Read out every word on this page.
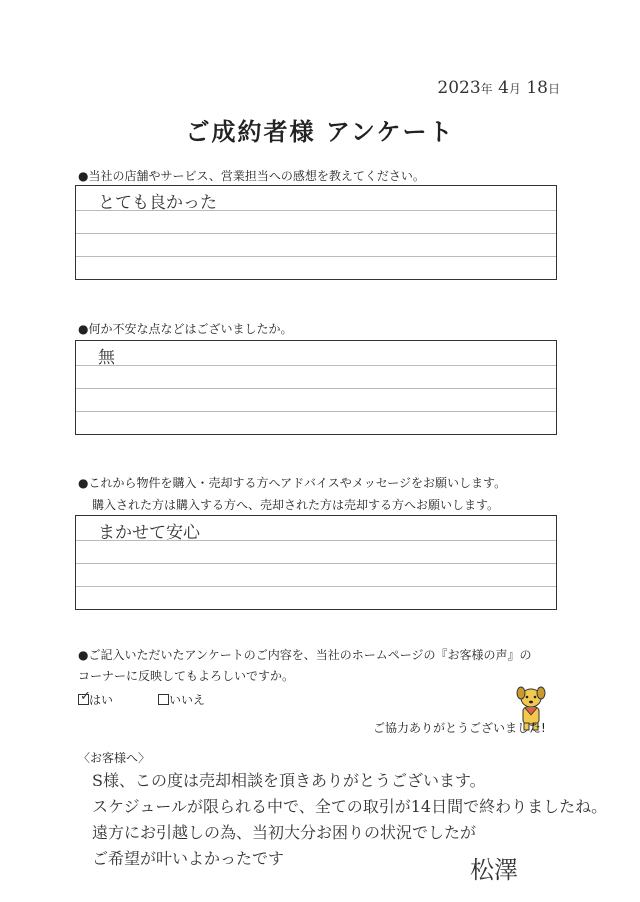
2023年 4月 18日
ご成約者様 アンケート
●当社の店舗やサービス、営業担当への感想を教えてください。
とても良かった
●何か不安な点などはございましたか。
無
●これから物件を購入・売却する方へアドバイスやメッセージをお願いします。
購入された方は購入する方へ、売却された方は売却する方へお願いします。
まかせて安心
●ご記入いただいたアンケートのご内容を、当社のホームページの『お客様の声』の
コーナーに反映してもよろしいですか。
✓
はい	いいえ
ご協力ありがとうございました!
〈お客様へ〉
S様、この度は売却相談を頂きありがとうございます。
スケジュールが限られる中で、全ての取引が14日間で終わりましたね。
遠方にお引越しの為、当初大分お困りの状況でしたが
ご希望が叶いよかったです	松澤
